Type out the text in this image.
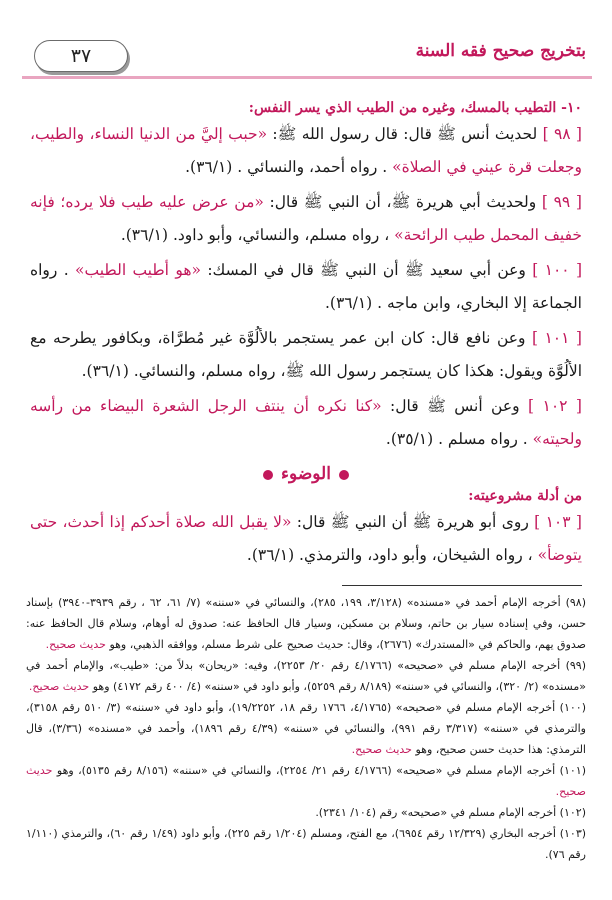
٣٧	بتخريج صحيح فقه السنة

١٠- التطيب بالمسك، وغيره من الطيب الذي يسر النفس:

[ ٩٨ ] لحديث أنس ﷺ قال: قال رسول الله ﷺ: «حبب إليَّ من الدنيا النساء، والطيب، وجعلت قرة عيني في الصلاة» . رواه أحمد، والنسائي . (٣٦/١).

[ ٩٩ ] ولحديث أبي هريرة ﷺ، أن النبي ﷺ قال: «من عرض عليه طيب فلا يرده؛ فإنه خفيف المحمل طيب الرائحة» ، رواه مسلم، والنسائي، وأبو داود. (٣٦/١).

[ ١٠٠ ] وعن أبي سعيد ﷺ أن النبي ﷺ قال في المسك: «هو أطيب الطيب» . رواه الجماعة إلا البخاري، وابن ماجه . (٣٦/١).

[ ١٠١ ] وعن نافع قال: كان ابن عمر يستجمر بالألُوَّة غير مُطرَّاة، وبكافور يطرحه مع الألُوَّة ويقول: هكذا كان يستجمر رسول الله ﷺ، رواه مسلم، والنسائي. (٣٦/١).

[ ١٠٢ ] وعن أنس ﷺ قال: «كنا نكره أن ينتف الرجل الشعرة البيضاء من رأسه ولحيته» . رواه مسلم . (٣٥/١).

الوضوء

من أدلة مشروعيته:

[ ١٠٣ ] روى أبو هريرة ﷺ أن النبي ﷺ قال: «لا يقبل الله صلاة أحدكم إذا أحدث، حتى يتوضأ» ، رواه الشيخان، وأبو داود، والترمذي. (٣٦/١).

(٩٨) أخرجه الإمام أحمد في «مسنده» (٣/١٢٨، ١٩٩، ٢٨٥)، والنسائي في «سننه» (٧/ ٦١، ٦٢ ، رقم ٣٩٣٩-٣٩٤٠) بإسناد حسن، وفي إسناده سيار بن حاتم، وسلام بن مسكين، وسيار قال الحافظ عنه: صدوق له أوهام، وسلام قال الحافظ عنه: صدوق يهم، والحاكم في «المستدرك» (٢٦٧٦)، وقال: حديث صحيح على شرط مسلم، ووافقه الذهبي، وهو حديث صحيح.

(٩٩) أخرجه الإمام مسلم في «صحيحه» (٤/١٧٦٦ رقم ٢٠/ ٢٢٥٣)، وفيه: «ريحان» بدلاً من: «طيب»، والإمام أحمد في «مسنده» (٢/ ٣٢٠)، والنسائي في «سننه» (٨/١٨٩ رقم ٥٢٥٩)، وأبو داود في «سننه» (٤/ ٤٠٠ رقم ٤١٧٢) وهو حديث صحيح.

(١٠٠) أخرجه الإمام مسلم في «صحيحه» (٤/١٧٦٥، ١٧٦٦ رقم ١٨، ١٩/٢٢٥٢)، وأبو داود في «سننه» (٣/ ٥١٠ رقم ٣١٥٨)، والترمذي في «سننه» (٣/٣١٧ رقم ٩٩١)، والنسائي في «سننه» (٤/٣٩ رقم ١٨٩٦)، وأحمد في «مسنده» (٣/٣٦)، قال الترمذي: هذا حديث حسن صحيح، وهو حديث صحيح.

(١٠١) أخرجه الإمام مسلم في «صحيحه» (٤/١٧٦٦ رقم ٢١/ ٢٢٥٤)، والنسائي في «سننه» (٨/١٥٦ رقم ٥١٣٥)، وهو حديث صحيح.

(١٠٢) أخرجه الإمام مسلم في «صحيحه» رقم (١٠٤/ ٢٣٤١).

(١٠٣) أخرجه البخاري (١٢/٣٢٩ رقم ٦٩٥٤)، مع الفتح، ومسلم (١/٢٠٤ رقم ٢٢٥)، وأبو داود (١/٤٩ رقم ٦٠)، والترمذي (١/١١٠ رقم ٧٦).
